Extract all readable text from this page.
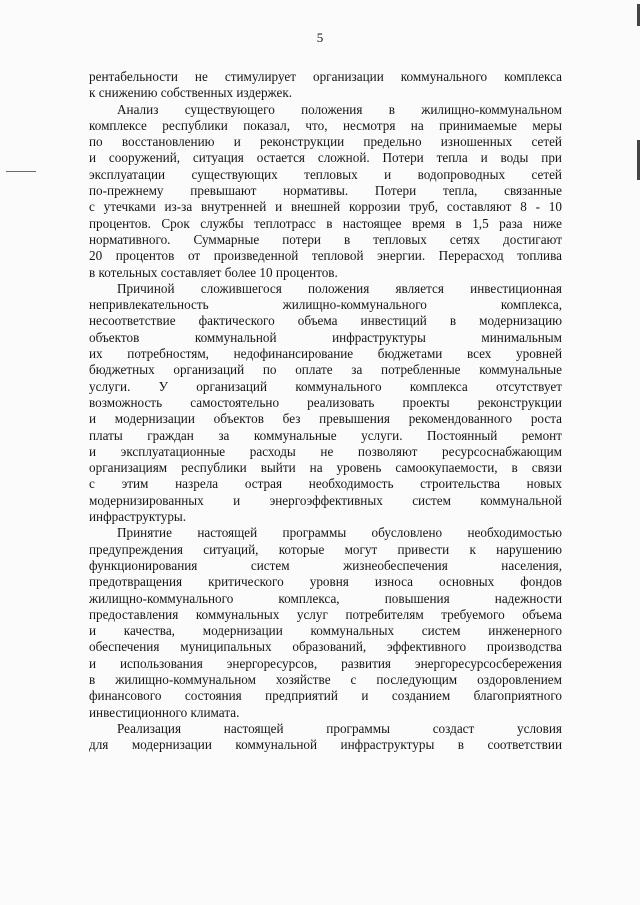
5
рентабельности не стимулирует организации коммунального комплекса
к снижению собственных издержек.
Анализ существующего положения в жилищно-коммунальном
комплексе республики показал, что, несмотря на принимаемые меры
по восстановлению и реконструкции предельно изношенных сетей
и сооружений, ситуация остается сложной. Потери тепла и воды при
эксплуатации существующих тепловых и водопроводных сетей
по-прежнему превышают нормативы. Потери тепла, связанные
с утечками из-за внутренней и внешней коррозии труб, составляют 8 - 10
процентов. Срок службы теплотрасс в настоящее время в 1,5 раза ниже
нормативного. Суммарные потери в тепловых сетях достигают
20 процентов от произведенной тепловой энергии. Перерасход топлива
в котельных составляет более 10 процентов.
Причиной сложившегося положения является инвестиционная
непривлекательность жилищно-коммунального комплекса,
несоответствие фактического объема инвестиций в модернизацию
объектов коммунальной инфраструктуры минимальным
их потребностям, недофинансирование бюджетами всех уровней
бюджетных организаций по оплате за потребленные коммунальные
услуги. У организаций коммунального комплекса отсутствует
возможность самостоятельно реализовать проекты реконструкции
и модернизации объектов без превышения рекомендованного роста
платы граждан за коммунальные услуги. Постоянный ремонт
и эксплуатационные расходы не позволяют ресурсоснабжающим
организациям республики выйти на уровень самоокупаемости, в связи
с этим назрела острая необходимость строительства новых
модернизированных и энергоэффективных систем коммунальной
инфраструктуры.
Принятие настоящей программы обусловлено необходимостью
предупреждения ситуаций, которые могут привести к нарушению
функционирования систем жизнеобеспечения населения,
предотвращения критического уровня износа основных фондов
жилищно-коммунального комплекса, повышения надежности
предоставления коммунальных услуг потребителям требуемого объема
и качества, модернизации коммунальных систем инженерного
обеспечения муниципальных образований, эффективного производства
и использования энергоресурсов, развития энергоресурсосбережения
в жилищно-коммунальном хозяйстве с последующим оздоровлением
финансового состояния предприятий и созданием благоприятного
инвестиционного климата.
Реализация настоящей программы создаст условия
для модернизации коммунальной инфраструктуры в соответствии
